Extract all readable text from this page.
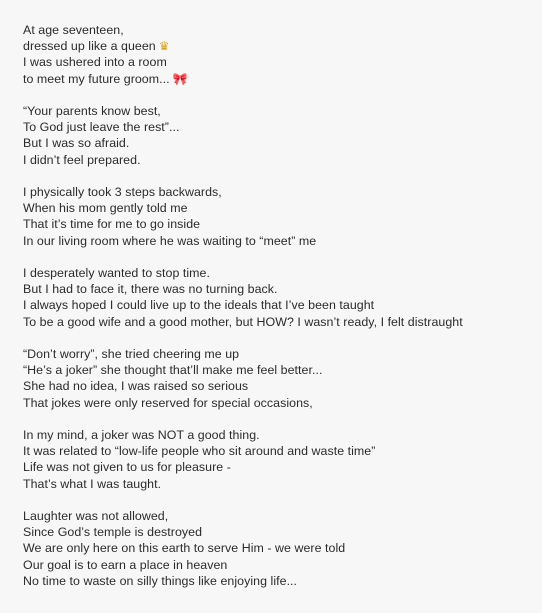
At age seventeen,
dressed up like a queen ♛
I was ushered into a room
to meet my future groom... 🎀
“Your parents know best,
To God just leave the rest”...
But I was so afraid.
I didn’t feel prepared.
I physically took 3 steps backwards,
When his mom gently told me
That it’s time for me to go inside
In our living room where he was waiting to “meet” me
I desperately wanted to stop time.
But I had to face it, there was no turning back.
I always hoped I could live up to the ideals that I’ve been taught
To be a good wife and a good mother, but HOW? I wasn’t ready, I felt distraught
“Don’t worry”, she tried cheering me up
“He’s a joker” she thought that’ll make me feel better...
She had no idea, I was raised so serious
That jokes were only reserved for special occasions,
In my mind, a joker was NOT a good thing.
It was related to “low-life people who sit around and waste time”
Life was not given to us for pleasure -
That’s what I was taught.
Laughter was not allowed,
Since God’s temple is destroyed
We are only here on this earth to serve Him - we were told
Our goal is to earn a place in heaven
No time to waste on silly things like enjoying life...
